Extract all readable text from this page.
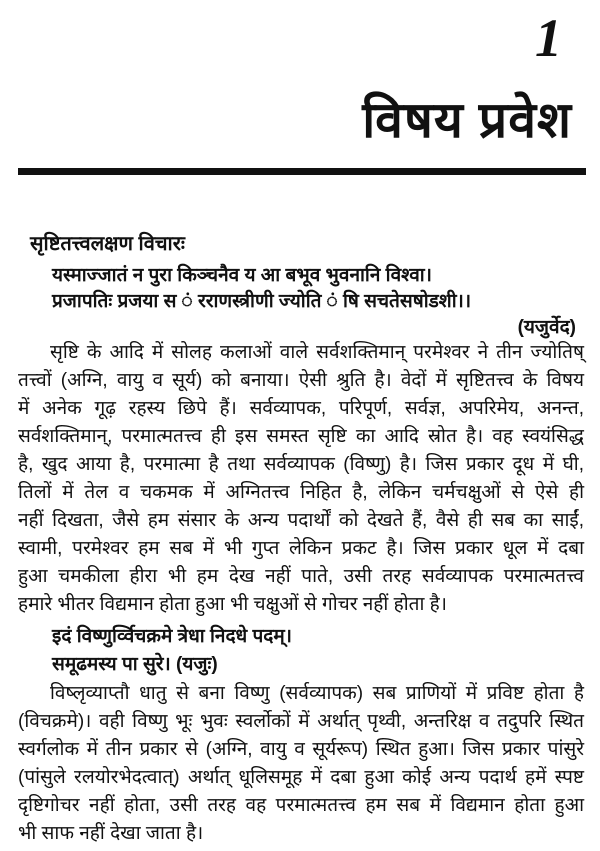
1
विषय प्रवेश
सृष्टितत्त्वलक्षण विचारः
यस्माज्जातं न पुरा किञ्चनैव य आ बभूव भुवनानि विश्वा।
प्रजापतिः प्रजया स ं रराणस्त्रीणी ज्योति ं षि सचतेसषोडशी।।
(यजुर्वेद)
सृष्टि के आदि में सोलह कलाओं वाले सर्वशक्तिमान् परमेश्वर ने तीन ज्योतिष्
तत्त्वों (अग्नि, वायु व सूर्य) को बनाया। ऐसी श्रुति है। वेदों में सृष्टितत्त्व के विषय
में अनेक गूढ़ रहस्य छिपे हैं। सर्वव्यापक, परिपूर्ण, सर्वज्ञ, अपरिमेय, अनन्त,
सर्वशक्तिमान्, परमात्मतत्त्व ही इस समस्त सृष्टि का आदि स्रोत है। वह स्वयंसिद्ध
है, खुद आया है, परमात्मा है तथा सर्वव्यापक (विष्णु) है। जिस प्रकार दूध में घी,
तिलों में तेल व चकमक में अग्नितत्त्व निहित है, लेकिन चर्मचक्षुओं से ऐसे ही
नहीं दिखता, जैसे हम संसार के अन्य पदार्थों को देखते हैं, वैसे ही सब का साईं,
स्वामी, परमेश्वर हम सब में भी गुप्त लेकिन प्रकट है। जिस प्रकार धूल में दबा
हुआ चमकीला हीरा भी हम देख नहीं पाते, उसी तरह सर्वव्यापक परमात्मतत्त्व
हमारे भीतर विद्यमान होता हुआ भी चक्षुओं से गोचर नहीं होता है।
इदं विष्णुर्व्विचक्रमे त्रेधा निदधे पदम्।
समूढमस्य पा सुरे। (यजुः)
विष्लृव्याप्तौ धातु से बना विष्णु (सर्वव्यापक) सब प्राणियों में प्रविष्ट होता है
(विचक्रमे)। वही विष्णु भूः भुवः स्वर्लोकों में अर्थात् पृथ्वी, अन्तरिक्ष व तदुपरि स्थित
स्वर्गलोक में तीन प्रकार से (अग्नि, वायु व सूर्यरूप) स्थित हुआ। जिस प्रकार पांसुरे
(पांसुले रलयोरभेदत्वात्) अर्थात् धूलिसमूह में दबा हुआ कोई अन्य पदार्थ हमें स्पष्ट
दृष्टिगोचर नहीं होता, उसी तरह वह परमात्मतत्त्व हम सब में विद्यमान होता हुआ
भी साफ नहीं देखा जाता है।
